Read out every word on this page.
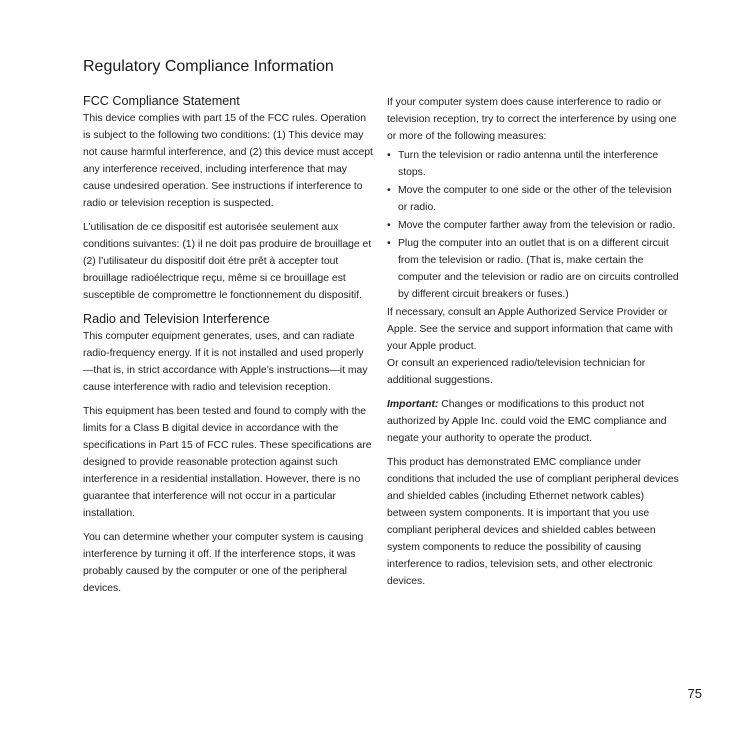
Regulatory Compliance Information
FCC Compliance Statement

This device complies with part 15 of the FCC rules. Operation is subject to the following two conditions: (1) This device may not cause harmful interference, and (2) this device must accept any interference received, including interference that may cause undesired operation. See instructions if interference to radio or television reception is suspected.

L’utilisation de ce dispositif est autorisée seulement aux conditions suivantes: (1) il ne doit pas produire de brouillage et (2) l’utilisateur du dispositif doit étre prêt à accepter tout brouillage radioélectrique reçu, même si ce brouillage est susceptible de compromettre le fonctionnement du dispositif.

Radio and Television Interference

This computer equipment generates, uses, and can radiate radio-frequency energy. If it is not installed and used properly—that is, in strict accordance with Apple’s instructions—it may cause interference with radio and television reception.

This equipment has been tested and found to comply with the limits for a Class B digital device in accordance with the specifications in Part 15 of FCC rules. These specifications are designed to provide reasonable protection against such interference in a residential installation. However, there is no guarantee that interference will not occur in a particular installation.

You can determine whether your computer system is causing interference by turning it off. If the interference stops, it was probably caused by the computer or one of the peripheral devices.

If your computer system does cause interference to radio or television reception, try to correct the interference by using one or more of the following measures:

• Turn the television or radio antenna until the interference stops.
• Move the computer to one side or the other of the television or radio.
• Move the computer farther away from the television or radio.
• Plug the computer into an outlet that is on a different circuit from the television or radio. (That is, make certain the computer and the television or radio are on circuits controlled by different circuit breakers or fuses.)

If necessary, consult an Apple Authorized Service Provider or Apple. See the service and support information that came with your Apple product.
Or consult an experienced radio/television technician for additional suggestions.

Important: Changes or modifications to this product not authorized by Apple Inc. could void the EMC compliance and negate your authority to operate the product.

This product has demonstrated EMC compliance under conditions that included the use of compliant peripheral devices and shielded cables (including Ethernet network cables) between system components. It is important that you use compliant peripheral devices and shielded cables between system components to reduce the possibility of causing interference to radios, television sets, and other electronic devices.

75
